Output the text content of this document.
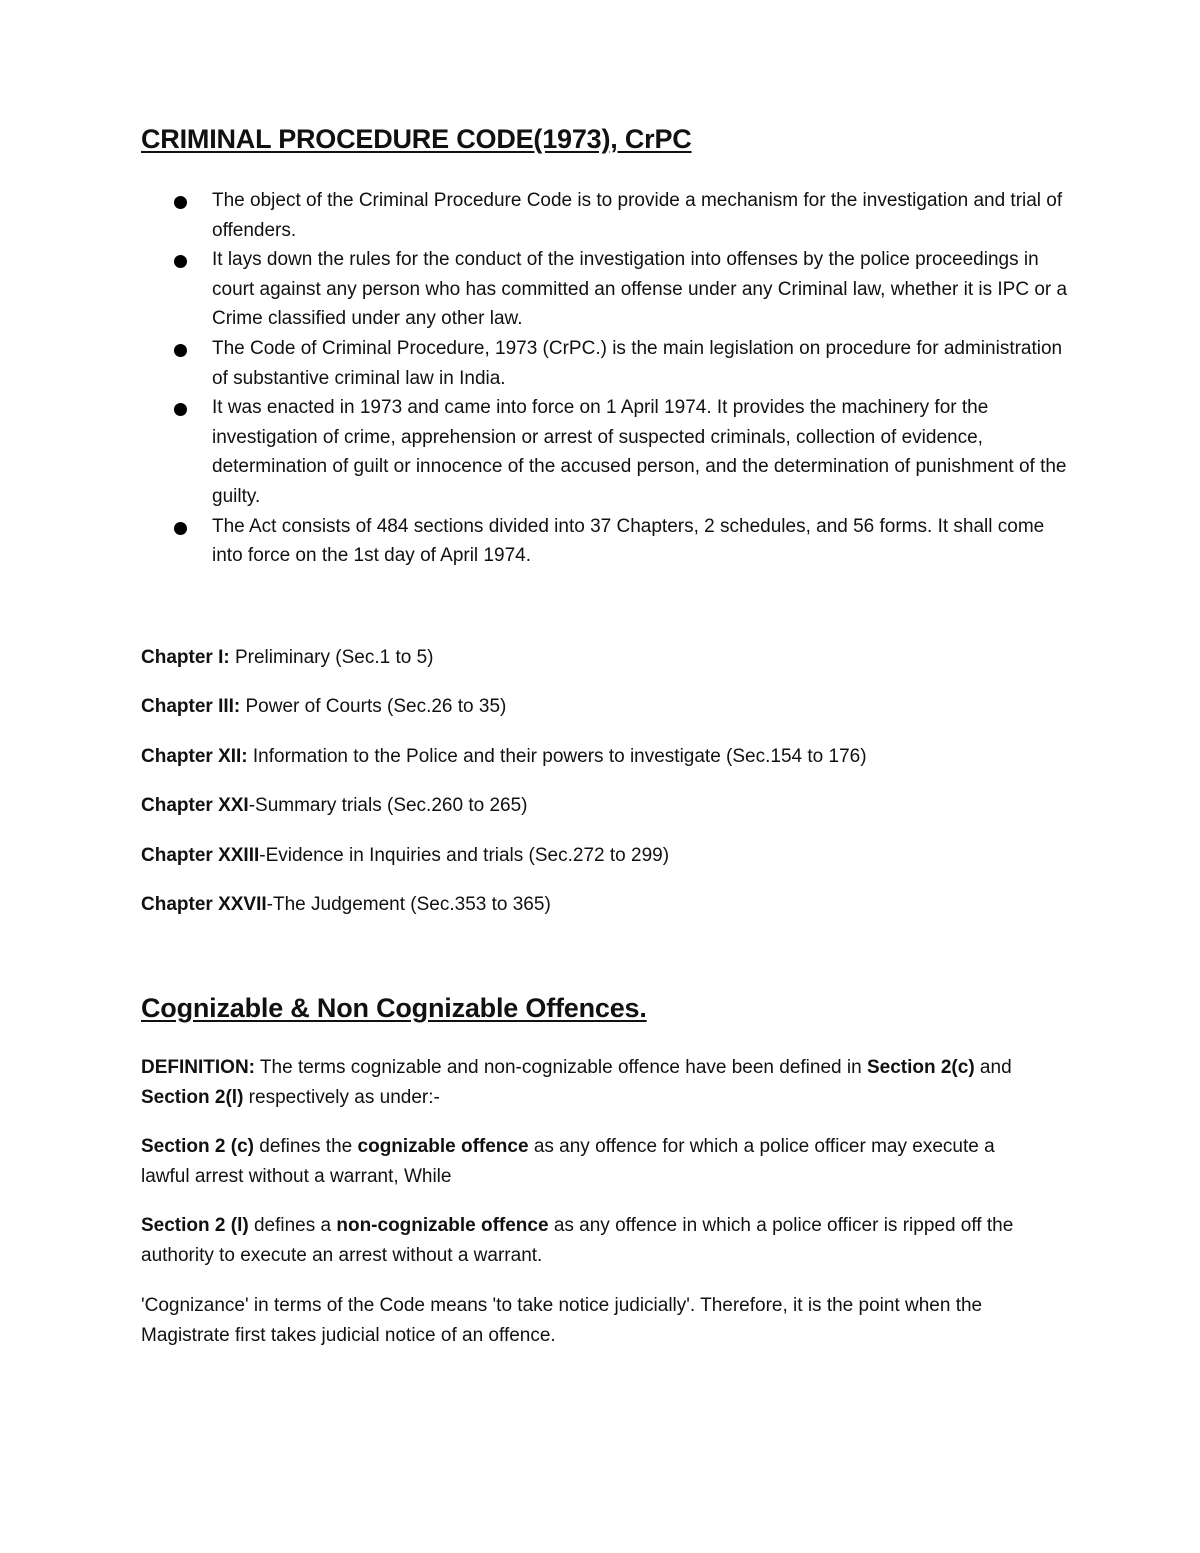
CRIMINAL PROCEDURE CODE(1973), CrPC
The object of the Criminal Procedure Code is to provide a mechanism for the investigation and trial of offenders.
It lays down the rules for the conduct of the investigation into offenses by the police proceedings in court against any person who has committed an offense under any Criminal law, whether it is IPC or a Crime classified under any other law.
The Code of Criminal Procedure, 1973 (CrPC.) is the main legislation on procedure for administration of substantive criminal law in India.
It was enacted in 1973 and came into force on 1 April 1974. It provides the machinery for the investigation of crime, apprehension or arrest of suspected criminals, collection of evidence, determination of guilt or innocence of the accused person, and the determination of punishment of the guilty.
The Act consists of 484 sections divided into 37 Chapters, 2 schedules, and 56 forms. It shall come into force on the 1st day of April 1974.
Chapter I: Preliminary (Sec.1 to 5)
Chapter III: Power of Courts (Sec.26 to 35)
Chapter XII: Information to the Police and their powers to investigate (Sec.154 to 176)
Chapter XXI-Summary trials (Sec.260 to 265)
Chapter XXIII-Evidence in Inquiries and trials (Sec.272 to 299)
Chapter XXVII-The Judgement (Sec.353 to 365)
Cognizable & Non Cognizable Offences.

DEFINITION: The terms cognizable and non-cognizable offence have been defined in Section 2(c) and Section 2(l) respectively as under:-

Section 2 (c) defines the cognizable offence as any offence for which a police officer may execute a lawful arrest without a warrant, While

Section 2 (l) defines a non-cognizable offence as any offence in which a police officer is ripped off the authority to execute an arrest without a warrant.

'Cognizance' in terms of the Code means 'to take notice judicially'. Therefore, it is the point when the Magistrate first takes judicial notice of an offence.
